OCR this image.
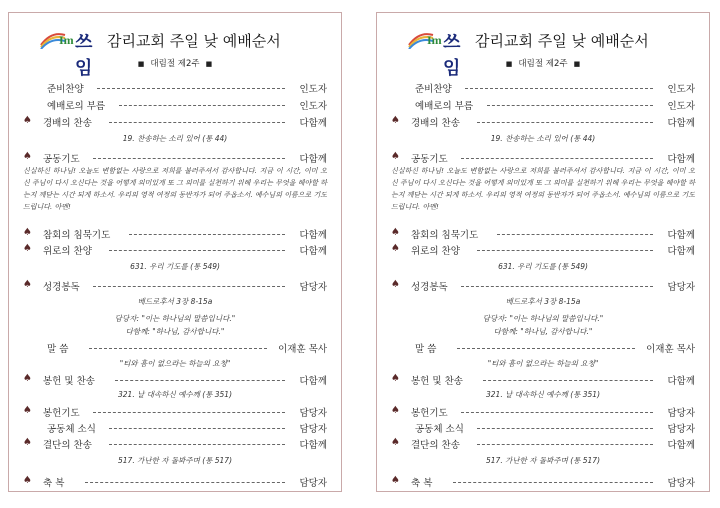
Im 쓰임
감리교회 주일 낮 예배순서
■ 대림절 제2주 ■
준비찬양	인도자
예배로의 부름	인도자
♠ 경배의 찬송	다함께
19. 찬송하는 소리 있어 (통 44)
♠ 공동기도	다함께
신실하신 하나님! 오늘도 변함없는 사랑으로 저희를 불러주셔서 감사합니다. 지금 이 시간, 이미 오신 주님이 다시 오신다는 것을 어떻게 의미있게 또 그 의미를 실천하기 위해 우리는 무엇을 해야할 하는지 깨닫는 시간 되게 하소서. 우리의 영적 여정의 동반자가 되어 주옵소서. 예수님의 이름으로 기도드립니다. 아멘!
♠ 참회의 침묵기도	다함께
♠ 위로의 찬양	다함께
631. 우리 기도를 (통 549)
♠ 성경봉독	담당자
베드로후서 3장 8-15a
담당자: "이는 하나님의 말씀입니다."
다함께: "하나님, 감사합니다."
말 씀	이재훈 목사
"티와 흠이 없으라는 하늘의 요청"
♠ 봉헌 및 찬송	다함께
321. 날 대속하신 예수께 (통 351)
♠ 봉헌기도	담당자
공동체 소식	담당자
♠ 결단의 찬송	다함께
517. 가난한 자 돌봐주며 (통 517)
♠ 축 복	담당자
Im 쓰임
감리교회 주일 낮 예배순서
■ 대림절 제2주 ■
준비찬양	인도자
예배로의 부름	인도자
♠ 경배의 찬송	다함께
19. 찬송하는 소리 있어 (통 44)
♠ 공동기도	다함께
신실하신 하나님! 오늘도 변함없는 사랑으로 저희를 불러주셔서 감사합니다. 지금 이 시간, 이미 오신 주님이 다시 오신다는 것을 어떻게 의미있게 또 그 의미를 실천하기 위해 우리는 무엇을 해야할 하는지 깨닫는 시간 되게 하소서. 우리의 영적 여정의 동반자가 되어 주옵소서. 예수님의 이름으로 기도드립니다. 아멘!
♠ 참회의 침묵기도	다함께
♠ 위로의 찬양	다함께
631. 우리 기도를 (통 549)
♠ 성경봉독	담당자
베드로후서 3장 8-15a
담당자: "이는 하나님의 말씀입니다."
다함께: "하나님, 감사합니다."
말 씀	이재훈 목사
"티와 흠이 없으라는 하늘의 요청"
♠ 봉헌 및 찬송	다함께
321. 날 대속하신 예수께 (통 351)
♠ 봉헌기도	담당자
공동체 소식	담당자
♠ 결단의 찬송	다함께
517. 가난한 자 돌봐주며 (통 517)
♠ 축 복	담당자
